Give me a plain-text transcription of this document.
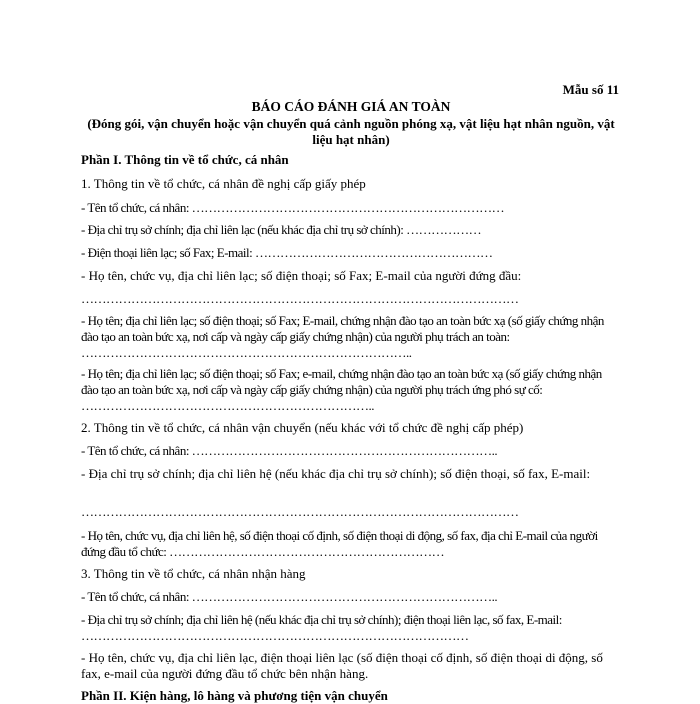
Mẫu số 11
BÁO CÁO ĐÁNH GIÁ AN TOÀN
(Đóng gói, vận chuyển hoặc vận chuyển quá cảnh nguồn phóng xạ, vật liệu hạt nhân nguồn, vật liệu hạt nhân)
Phần I. Thông tin về tổ chức, cá nhân
1. Thông tin về tổ chức, cá nhân đề nghị cấp giấy phép
- Tên tổ chức, cá nhân: …………………………………………………………………
- Địa chỉ trụ sở chính; địa chỉ liên lạc (nếu khác địa chỉ trụ sở chính): ………………
- Điện thoại liên lạc; số Fax; E-mail: …………………………………………………
- Họ tên, chức vụ, địa chỉ liên lạc; số điện thoại; số Fax; E-mail của người đứng đầu:
……………………………………………………………………………………………
- Họ tên; địa chỉ liên lạc; số điện thoại; số Fax; E-mail, chứng nhận đào tạo an toàn bức xạ (số giấy chứng nhận đào tạo an toàn bức xạ, nơi cấp và ngày cấp giấy chứng nhận) của người phụ trách an toàn: ……………………………………………………………………..
- Họ tên; địa chỉ liên lạc; số điện thoại; số Fax; e-mail, chứng nhận đào tạo an toàn bức xạ (số giấy chứng nhận đào tạo an toàn bức xạ, nơi cấp và ngày cấp giấy chứng nhận) của người phụ trách ứng phó sự cố: ……………………………………………………………..
2. Thông tin về tổ chức, cá nhân vận chuyển (nếu khác với tổ chức đề nghị cấp phép)
- Tên tổ chức, cá nhân: ………………………………………………………………..
- Địa chỉ trụ sở chính; địa chỉ liên hệ (nếu khác địa chỉ trụ sở chính); số điện thoại, số fax, E-mail:
……………………………………………………………………………………………
- Họ tên, chức vụ, địa chỉ liên hệ, số điện thoại cố định, số điện thoại di động, số fax, địa chỉ E-mail của người đứng đầu tổ chức: …………………………………………………………
3. Thông tin về tổ chức, cá nhân nhận hàng
- Tên tổ chức, cá nhân: ………………………………………………………………..
- Địa chỉ trụ sở chính; địa chỉ liên hệ (nếu khác địa chỉ trụ sở chính); điện thoại liên lạc, số fax, E-mail: …………………………………………………………………………………
- Họ tên, chức vụ, địa chỉ liên lạc, điện thoại liên lạc (số điện thoại cố định, số điện thoại di động, số fax, e-mail của người đứng đầu tổ chức bên nhận hàng.
Phần II. Kiện hàng, lô hàng và phương tiện vận chuyển
